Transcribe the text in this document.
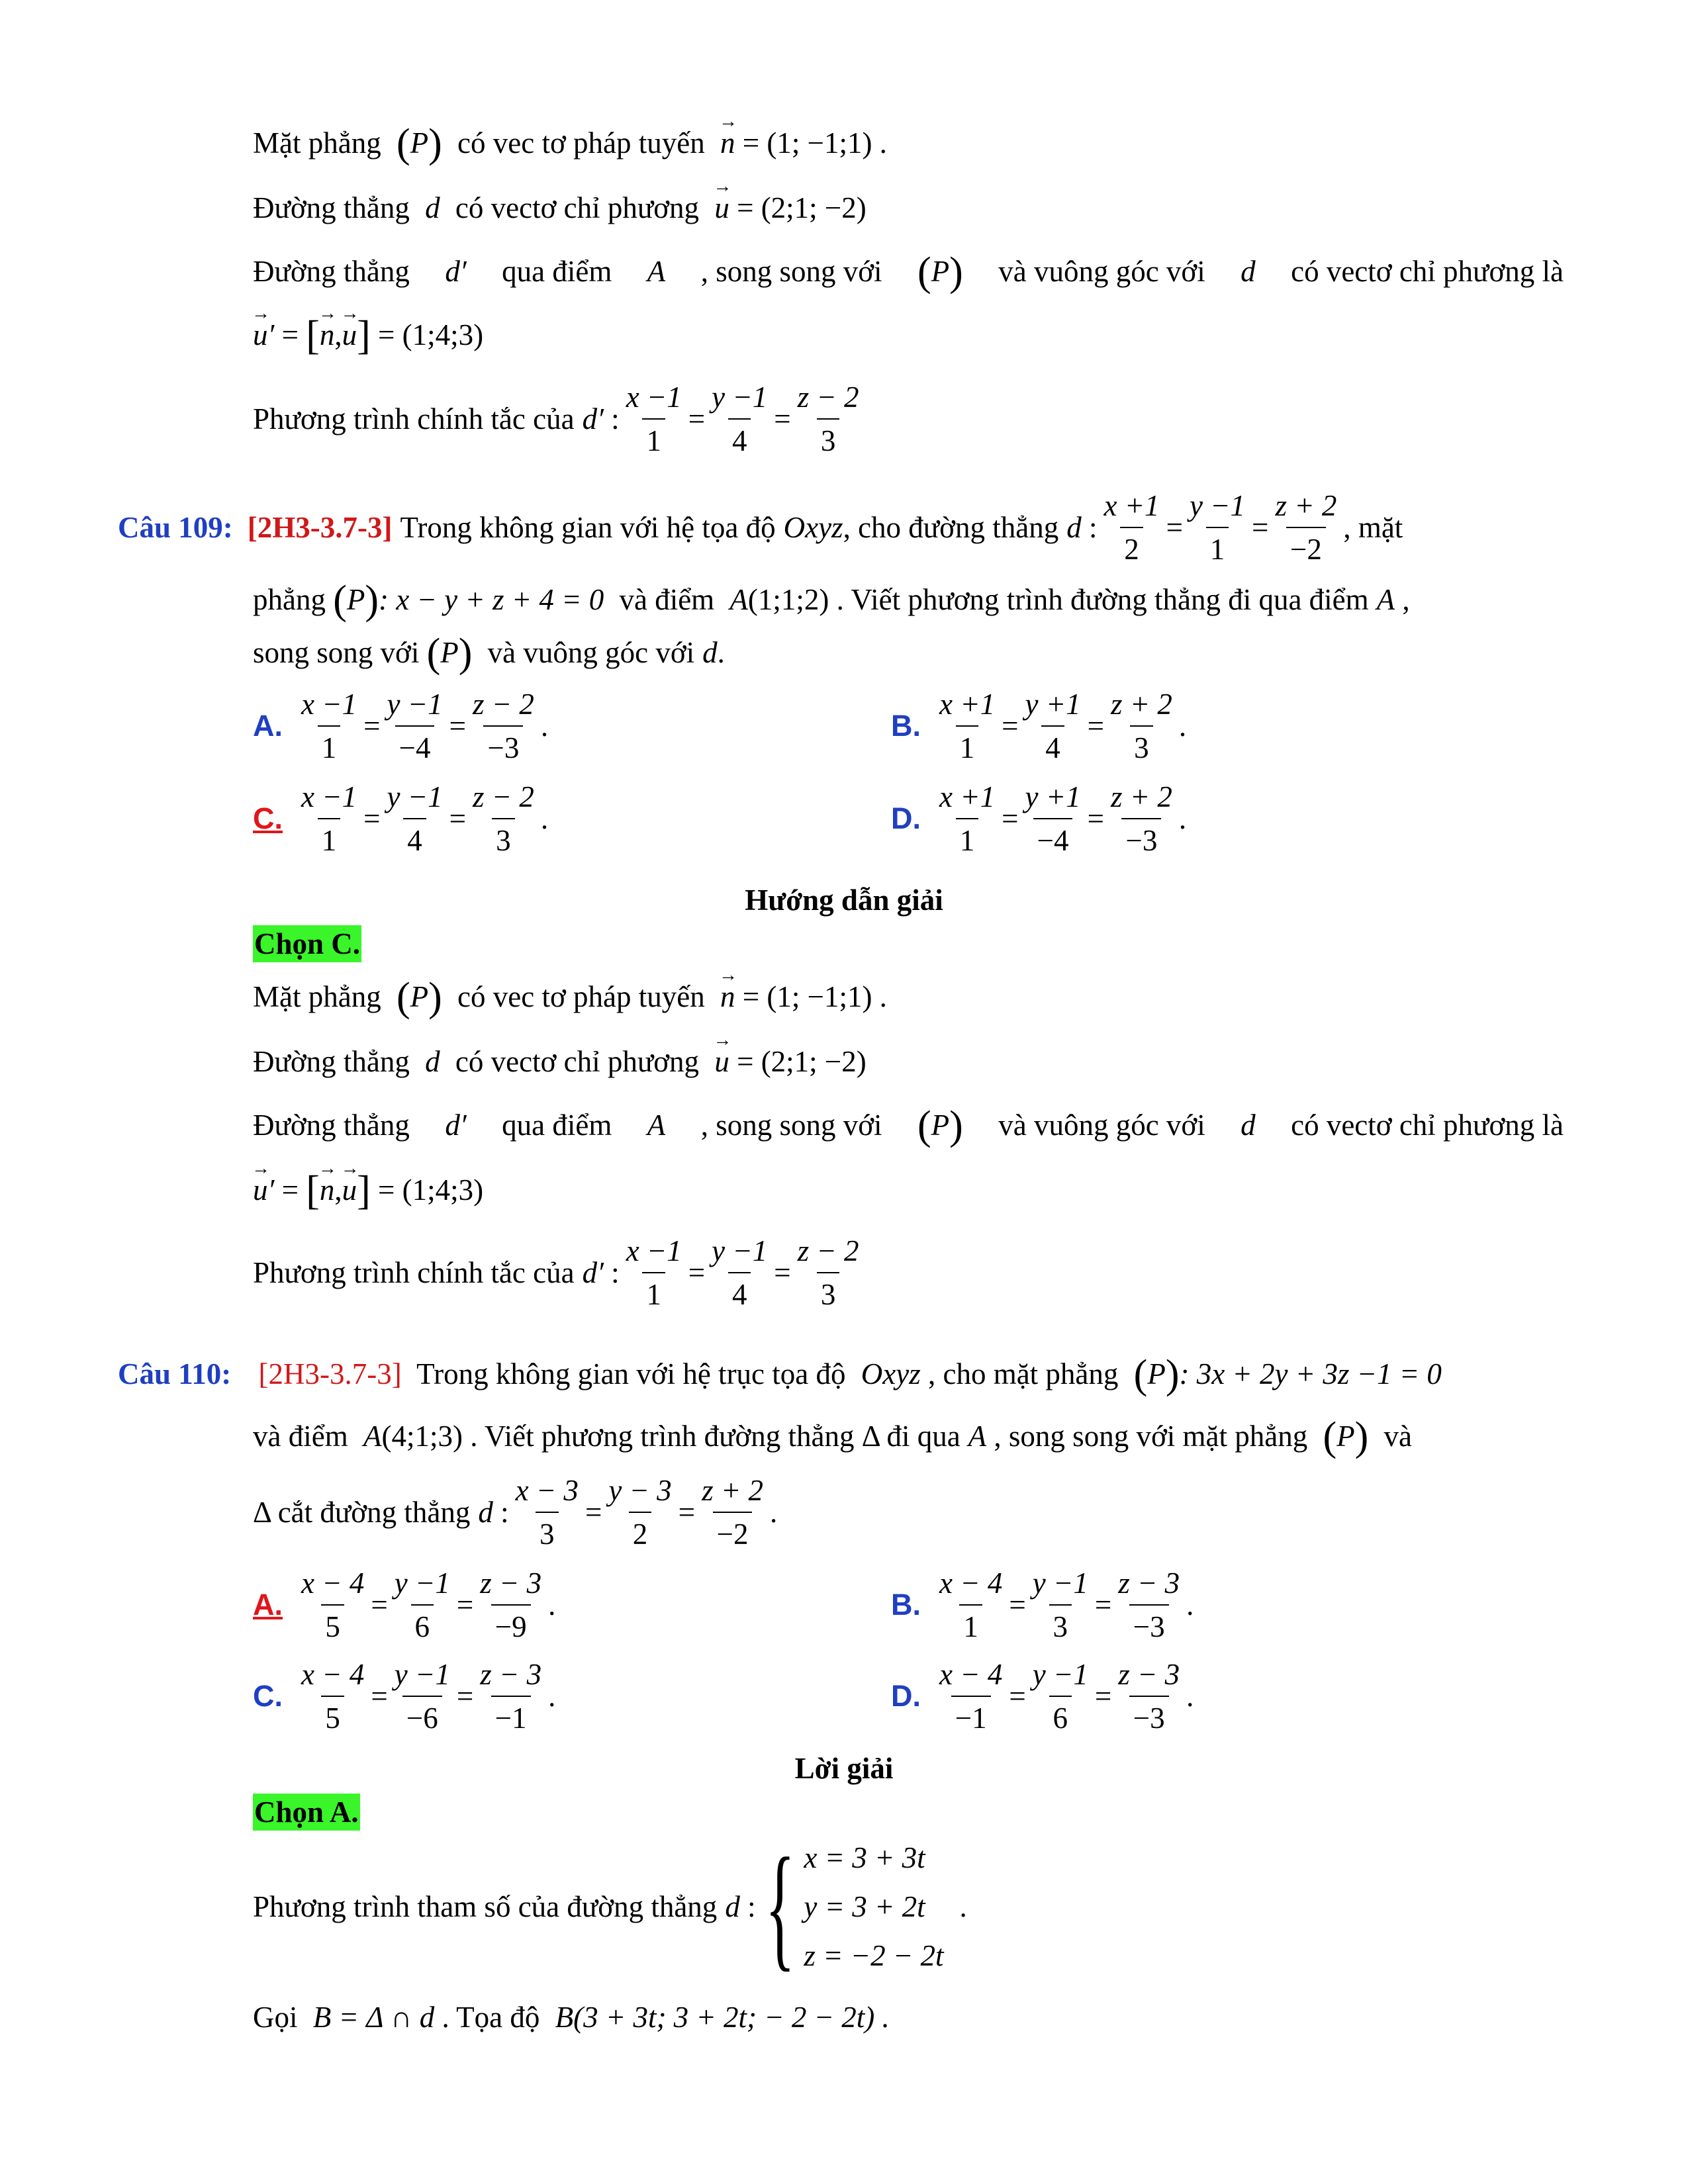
Mặt phẳng (P) có vec tơ pháp tuyến → n = (1; −1;1) .
Đường thẳng d có vectơ chỉ phương → u = (2;1; −2)
Đường thẳng d′ qua điểm A , song song với (P) và vuông góc với d có vectơ chỉ phương là
→ u′ = [→ n,→ u] = (1;4;3)
Phương trình chính tắc của d′ :
x −1
1
=
y −1
4
=
z − 2
3
Câu 109: [2H3-3.7-3] Trong không gian với hệ tọa độ Oxyz , cho đường thẳng d :
x +1
2
=
y −1
1
=
z + 2
−2
, mặt
phẳng (P): x − y + z + 4 = 0 và điểm A(1;1;2) . Viết phương trình đường thẳng đi qua điểm A ,
song song với (P) và vuông góc với d.
A.
x −1
1
=
y −1
−4
=
z − 2
−3
.	B.
x +1
1
=
y +1
4
=
z + 2
3
.
C.
x −1
1
=
y −1
4
=
z − 2
3
.	D.
x +1
1
=
y +1
−4
=
z + 2
−3
.
Hướng dẫn giải
Chọn C.
Mặt phẳng (P) có vec tơ pháp tuyến → n = (1; −1;1) .
Đường thẳng d có vectơ chỉ phương → u = (2;1; −2)
Đường thẳng d′ qua điểm A , song song với (P) và vuông góc với d có vectơ chỉ phương là
→ u′ = [→ n,→ u] = (1;4;3)
Phương trình chính tắc của d′ :
x −1
1
=
y −1
4
=
z − 2
3
Câu 110: [2H3-3.7-3] Trong không gian với hệ trục tọa độ Oxyz , cho mặt phẳng (P): 3x + 2y + 3z −1 = 0
và điểm A(4;1;3) . Viết phương trình đường thẳng Δ đi qua A , song song với mặt phẳng (P) và
Δ cắt đường thẳng d :
x − 3
3
=
y − 3
2
=
z + 2
−2
.
A.
x − 4
5
=
y −1
6
=
z − 3
−9
.	B.
x − 4
1
=
y −1
3
=
z − 3
−3
.
C.
x − 4
5
=
y −1
−6
=
z − 3
−1
.	D.
x − 4
−1
=
y −1
6
=
z − 3
−3
.
Lời giải
Chọn A.
Phương trình tham số của đường thẳng d : { x = 3 + 3t
y = 3 + 2t
z = −2 − 2t
.
Gọi B = Δ ∩ d . Tọa độ B(3 + 3t; 3 + 2t; − 2 − 2t) .
